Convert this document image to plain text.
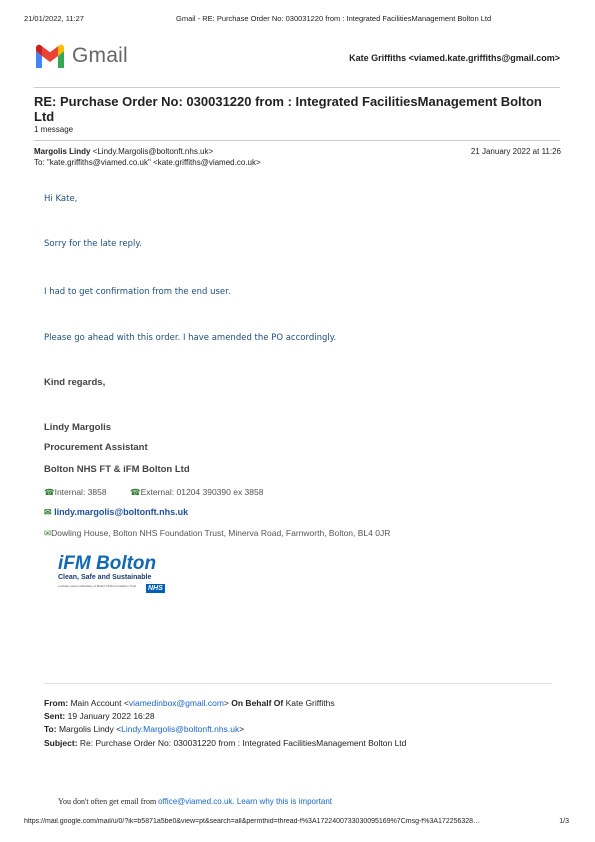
21/01/2022, 11:27	Gmail - RE: Purchase Order No: 030031220 from : Integrated FacilitiesManagement Bolton Ltd
Gmail	Kate Griffiths <viamed.kate.griffiths@gmail.com>
RE: Purchase Order No: 030031220 from : Integrated FacilitiesManagement Bolton Ltd
1 message
Margolis Lindy <Lindy.Margolis@boltonft.nhs.uk>	21 January 2022 at 11:26
To: "kate.griffiths@viamed.co.uk" <kate.griffiths@viamed.co.uk>
Hi Kate,
Sorry for the late reply.
I had to get confirmation from the end user.
Please go ahead with this order. I have amended the PO accordingly.
Kind regards,
Lindy Margolis
Procurement Assistant
Bolton NHS FT & iFM Bolton Ltd
☎Internal: 3858	☎External: 01204 390390 ex 3858
✉ lindy.margolis@boltonft.nhs.uk
✉Dowling House, Bolton NHS Foundation Trust, Minerva Road, Farnworth, Bolton, BL4 0JR
iFM Bolton
Clean, Safe and Sustainable
a wholly owned subsidiary of Bolton NHS Foundation Trust	NHS
From: Main Account <viamedinbox@gmail.com> On Behalf Of Kate Griffiths
Sent: 19 January 2022 16:28
To: Margolis Lindy <Lindy.Margolis@boltonft.nhs.uk>
Subject: Re: Purchase Order No: 030031220 from : Integrated FacilitiesManagement Bolton Ltd
You don't often get email from office@viamed.co.uk. Learn why this is important
https://mail.google.com/mail/u/0/?ik=b5871a5be0&view=pt&search=all&permthid=thread-f%3A1722400733030095169%7Cmsg-f%3A172256328…	1/3
